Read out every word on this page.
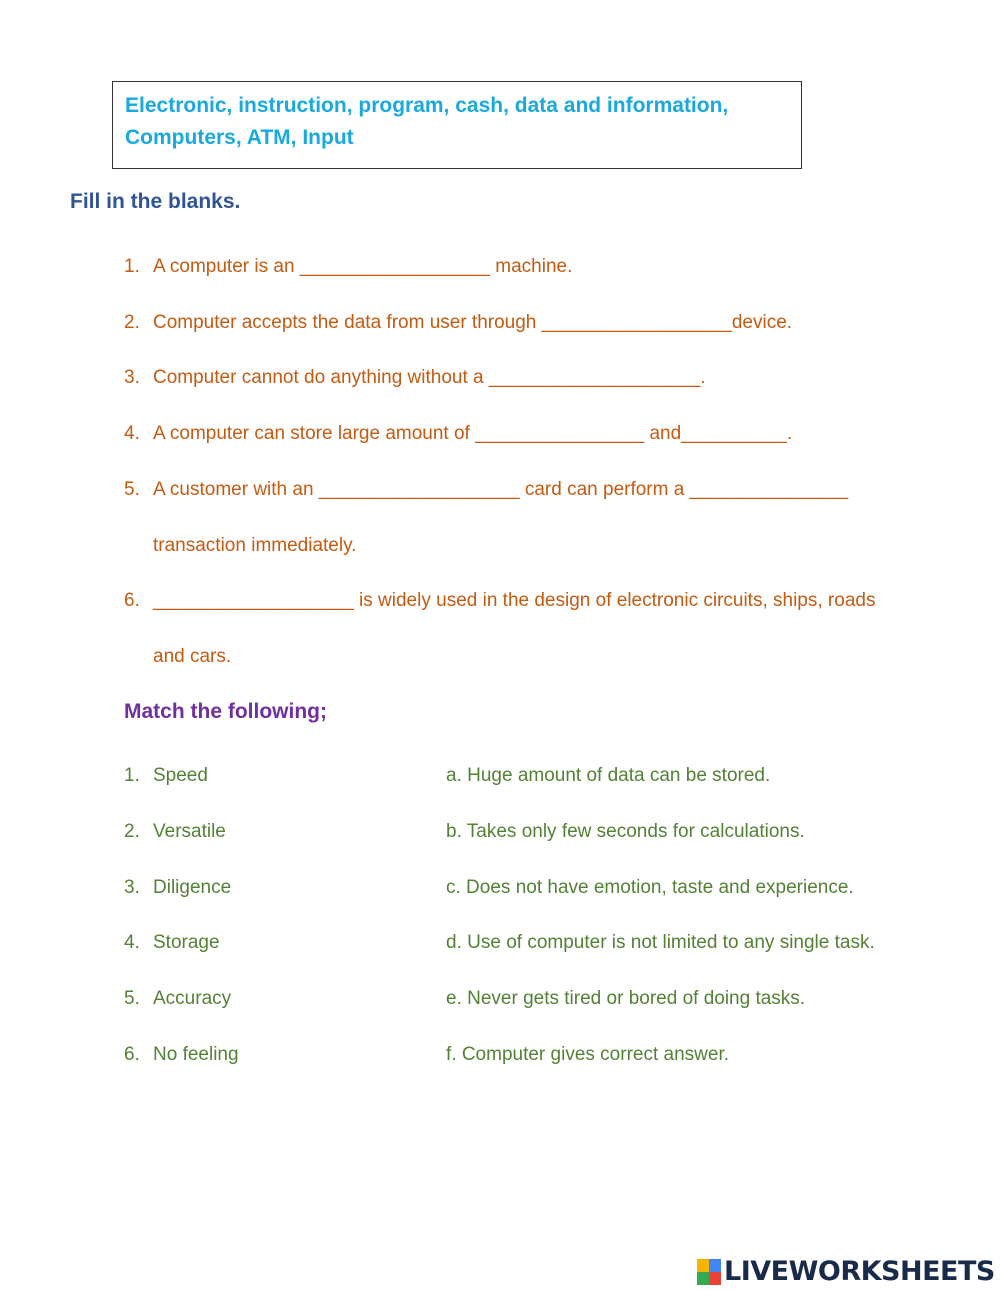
Electronic, instruction, program, cash, data and information,
Computers, ATM, Input
Fill in the blanks.
1. A computer is an __________________ machine.
2. Computer accepts the data from user through __________________device.
3. Computer cannot do anything without a ____________________.
4. A computer can store large amount of ________________ and__________.
5. A customer with an ___________________ card can perform a _______________
transaction immediately.
6. ___________________ is widely used in the design of electronic circuits, ships, roads
and cars.
Match the following;
1. Speed	a. Huge amount of data can be stored.
2. Versatile	b. Takes only few seconds for calculations.
3. Diligence	c. Does not have emotion, taste and experience.
4. Storage	d. Use of computer is not limited to any single task.
5. Accuracy	e. Never gets tired or bored of doing tasks.
6. No feeling	f. Computer gives correct answer.
LIVEWORKSHEETS
